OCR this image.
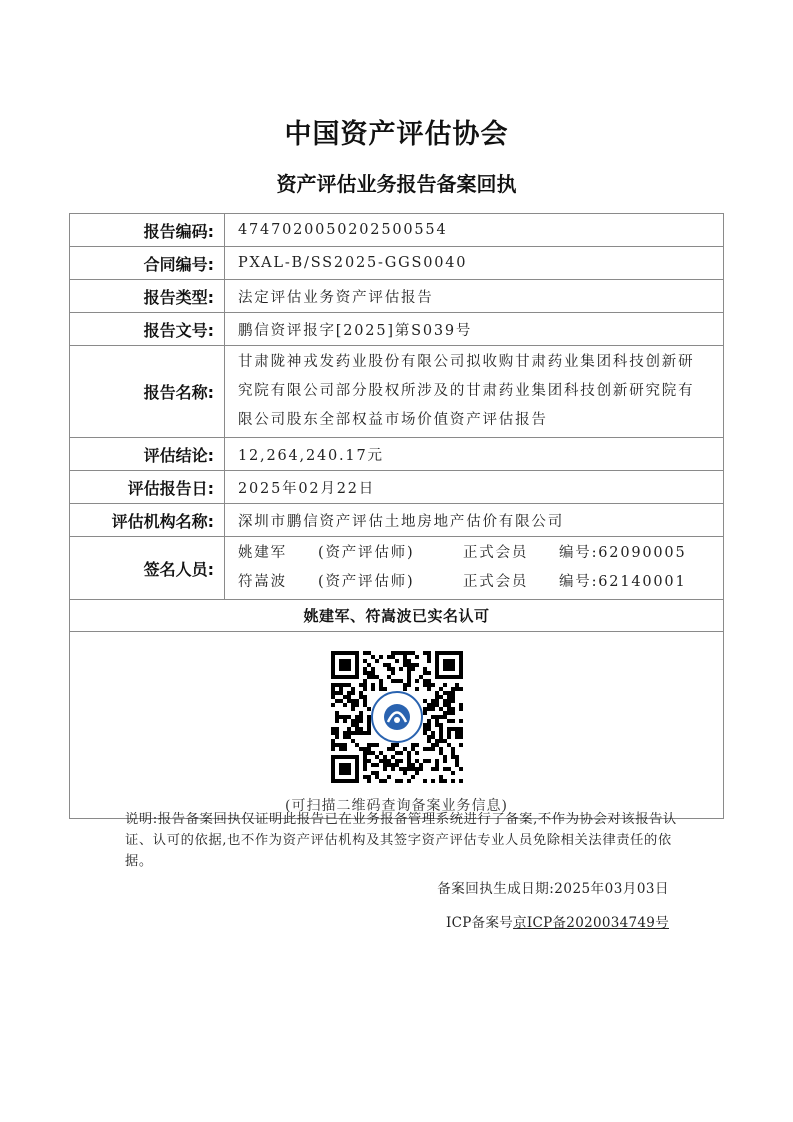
中国资产评估协会
资产评估业务报告备案回执
报告编码:	4747020050202500554
合同编号:	PXAL-B/SS2025-GGS0040
报告类型:	法定评估业务资产评估报告
报告文号:	鹏信资评报字[2025]第S039号
报告名称:	甘肃陇神戎发药业股份有限公司拟收购甘肃药业集团科技创新研
究院有限公司部分股权所涉及的甘肃药业集团科技创新研究院有
限公司股东全部权益市场价值资产评估报告

评估结论:	12,264,240.17元
评估报告日:	2025年02月22日
评估机构名称:	深圳市鹏信资产评估土地房地产估价有限公司
签名人员:	姚建军 (资产评估师) 正式会员 编号:62090005
符嵩波 (资产评估师) 正式会员 编号:62140001

姚建军、符嵩波已实名认可	

(可扫描二维码查询备案业务信息)	
说明:报告备案回执仅证明此报告已在业务报备管理系统进行了备案,不作为协会对该报告认证、认可的依据,也不作为资产评估机构及其签字资产评估专业人员免除相关法律责任的依据。
备案回执生成日期:2025年03月03日
ICP备案号京ICP备2020034749号
